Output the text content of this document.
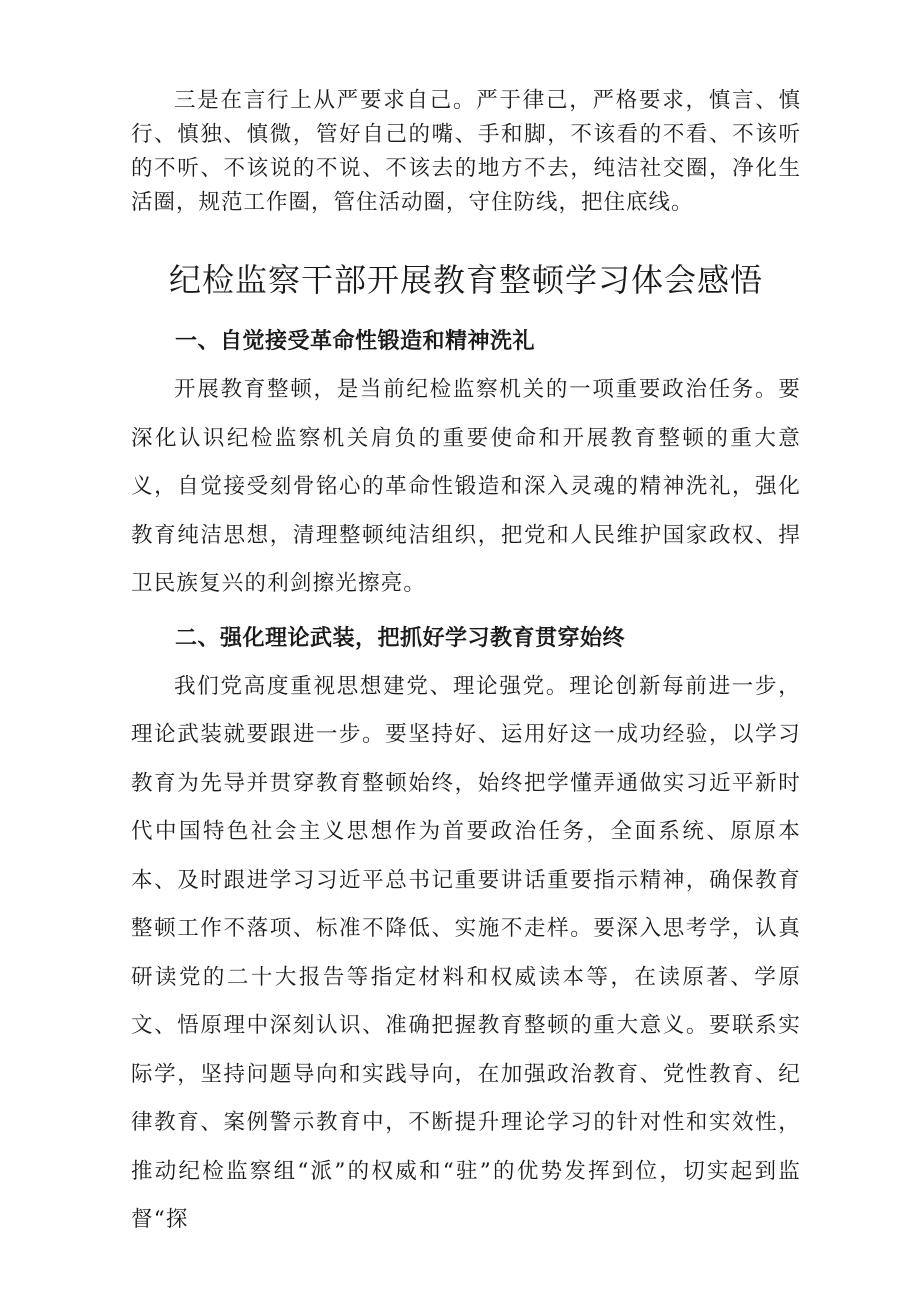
三是在言行上从严要求自己。严于律己，严格要求，慎言、慎行、慎独、慎微，管好自己的嘴、手和脚，不该看的不看、不该听的不听、不该说的不说、不该去的地方不去，纯洁社交圈，净化生活圈，规范工作圈，管住活动圈，守住防线，把住底线。

纪检监察干部开展教育整顿学习体会感悟
一、自觉接受革命性锻造和精神洗礼

开展教育整顿，是当前纪检监察机关的一项重要政治任务。要深化认识纪检监察机关肩负的重要使命和开展教育整顿的重大意义，自觉接受刻骨铭心的革命性锻造和深入灵魂的精神洗礼，强化教育纯洁思想，清理整顿纯洁组织，把党和人民维护国家政权、捍卫民族复兴的利剑擦光擦亮。

二、强化理论武装，把抓好学习教育贯穿始终

我们党高度重视思想建党、理论强党。理论创新每前进一步，理论武装就要跟进一步。要坚持好、运用好这一成功经验，以学习教育为先导并贯穿教育整顿始终，始终把学懂弄通做实习近平新时代中国特色社会主义思想作为首要政治任务，全面系统、原原本本、及时跟进学习习近平总书记重要讲话重要指示精神，确保教育整顿工作不落项、标准不降低、实施不走样。要深入思考学，认真研读党的二十大报告等指定材料和权威读本等，在读原著、学原文、悟原理中深刻认识、准确把握教育整顿的重大意义。要联系实际学，坚持问题导向和实践导向，在加强政治教育、党性教育、纪律教育、案例警示教育中，不断提升理论学习的针对性和实效性，推动纪检监察组“派”的权威和“驻”的优势发挥到位，切实起到监督“探
